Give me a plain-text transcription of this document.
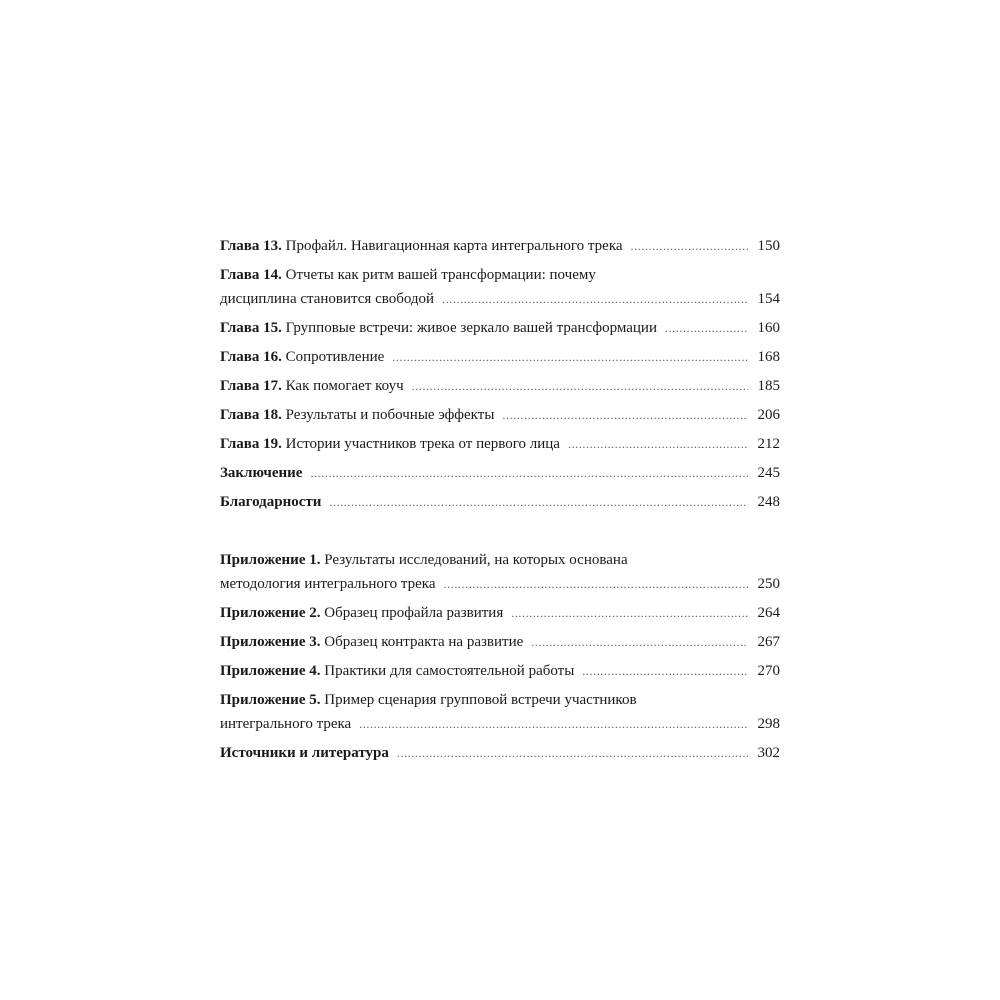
Глава 13. Профайл. Навигационная карта интегрального трека . . .	150
Глава 14. Отчеты как ритм вашей трансформации: почему
дисциплина становится свободой . . .	154
Глава 15. Групповые встречи: живое зеркало вашей трансформации . . .	160
Глава 16. Сопротивление . . .	168
Глава 17. Как помогает коуч . . .	185
Глава 18. Результаты и побочные эффекты . . .	206
Глава 19. Истории участников трека от первого лица . . .	212
Заключение . . .	245
Благодарности . . .	248
Приложение 1. Результаты исследований, на которых основана
методология интегрального трека . . .	250
Приложение 2. Образец профайла развития . . .	264
Приложение 3. Образец контракта на развитие . . .	267
Приложение 4. Практики для самостоятельной работы . . .	270
Приложение 5. Пример сценария групповой встречи участников
интегрального трека . . .	298
Источники и литература . . .	302
